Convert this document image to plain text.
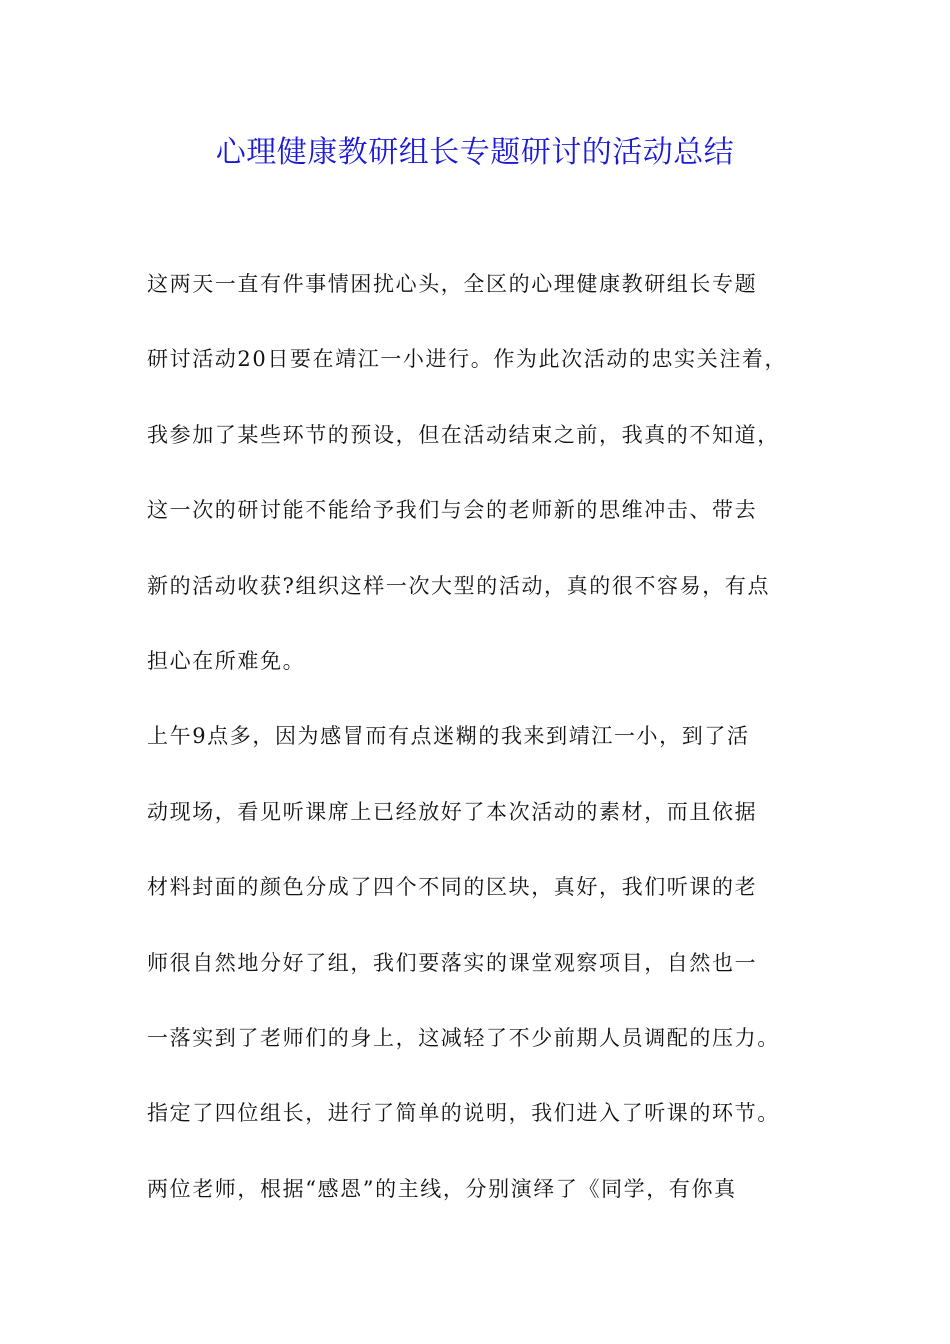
心理健康教研组长专题研讨的活动总结
这两天一直有件事情困扰心头，全区的心理健康教研组长专题
研讨活动20日要在靖江一小进行。作为此次活动的忠实关注着，
我参加了某些环节的预设，但在活动结束之前，我真的不知道，
这一次的研讨能不能给予我们与会的老师新的思维冲击、带去
新的活动收获?组织这样一次大型的活动，真的很不容易，有点
担心在所难免。
上午9点多，因为感冒而有点迷糊的我来到靖江一小，到了活
动现场，看见听课席上已经放好了本次活动的素材，而且依据
材料封面的颜色分成了四个不同的区块，真好，我们听课的老
师很自然地分好了组，我们要落实的课堂观察项目，自然也一
一落实到了老师们的身上，这减轻了不少前期人员调配的压力。
指定了四位组长，进行了简单的说明，我们进入了听课的环节。
两位老师，根据“感恩”的主线，分别演绎了《同学，有你真
